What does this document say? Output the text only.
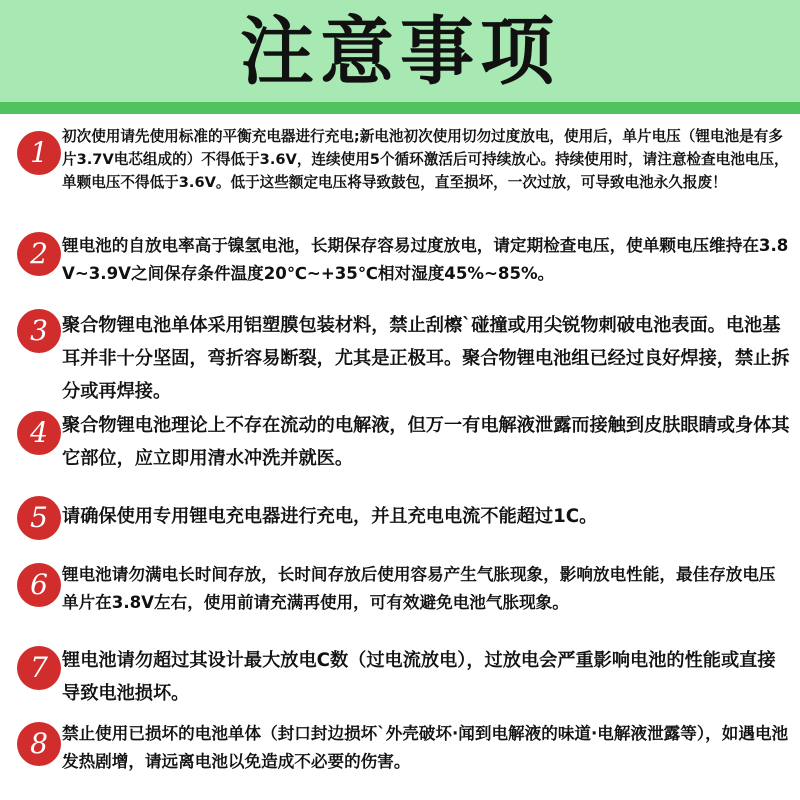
注意事项
1 初次使用请先使用标准的平衡充电器进行充电;新电池初次使用切勿过度放电，使用后，单片电压（锂电池是有多片3.7V电芯组成的）不得低于3.6V，连续使用5个循环激活后可持续放心。持续使用时，请注意检查电池电压，单颗电压不得低于3.6V。低于这些额定电压将导致鼓包，直至损坏，一次过放，可导致电池永久报废！
2 锂电池的自放电率高于镍氢电池，长期保存容易过度放电，请定期检查电压，使单颗电压维持在3.8V~3.9V之间保存条件温度20℃~+35℃相对湿度45%~85%。
3 聚合物锂电池单体采用铝塑膜包装材料，禁止刮檫`碰撞或用尖锐物刺破电池表面。电池基耳并非十分坚固，弯折容易断裂，尤其是正极耳。聚合物锂电池组已经过良好焊接，禁止拆分或再焊接。
4 聚合物锂电池理论上不存在流动的电解液，但万一有电解液泄露而接触到皮肤眼睛或身体其它部位，应立即用清水冲洗并就医。
5 请确保使用专用锂电充电器进行充电，并且充电电流不能超过1C。
6 锂电池请勿满电长时间存放，长时间存放后使用容易产生气胀现象，影响放电性能，最佳存放电压单片在3.8V左右，使用前请充满再使用，可有效避免电池气胀现象。
7 锂电池请勿超过其设计最大放电C数（过电流放电），过放电会严重影响电池的性能或直接导致电池损坏。
8 禁止使用已损坏的电池单体（封口封边损坏`外壳破坏·闻到电解液的味道·电解液泄露等），如遇电池发热剧增，请远离电池以免造成不必要的伤害。
